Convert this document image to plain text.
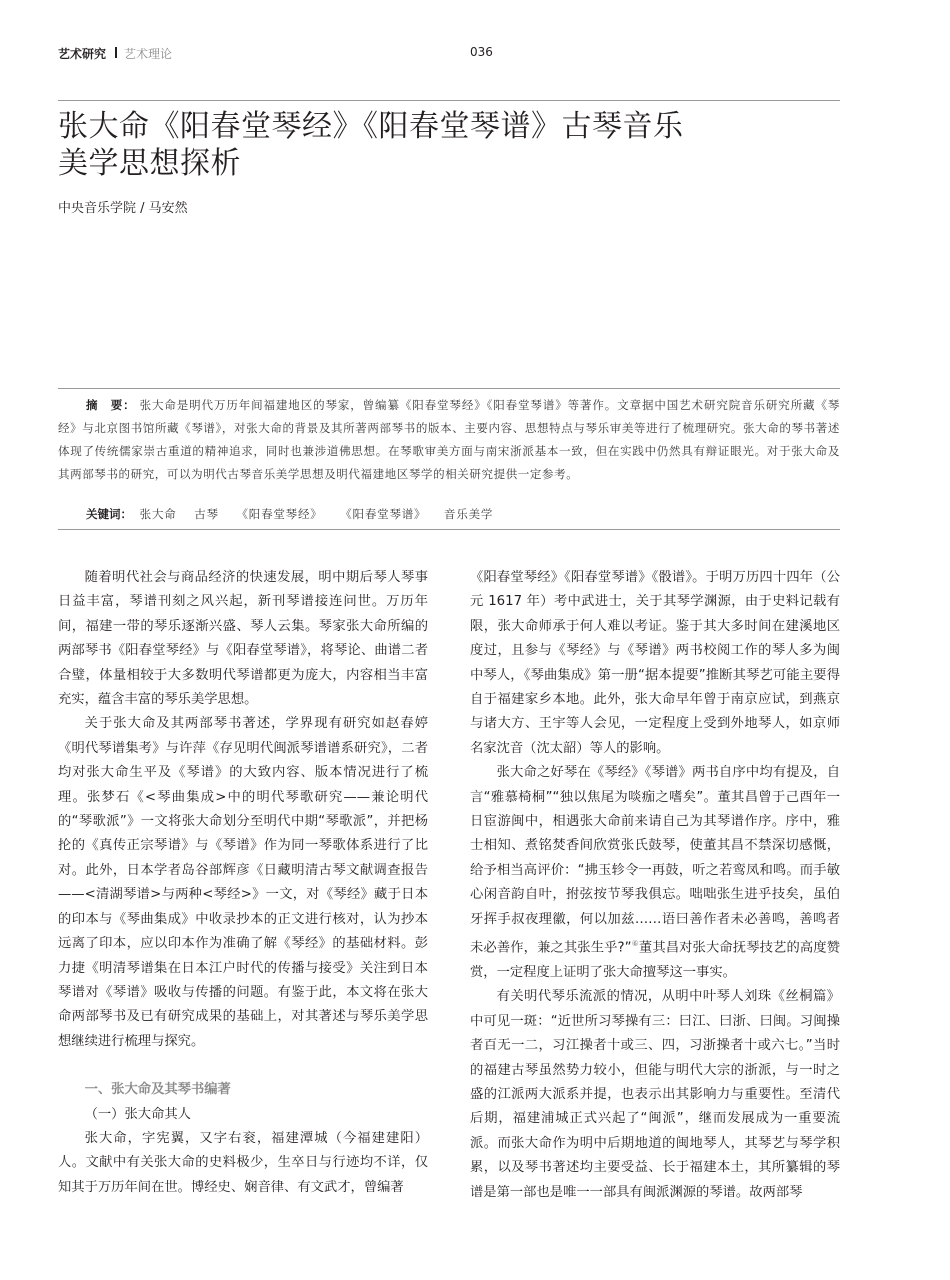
艺术研究 艺术理论	036
张大命《阳春堂琴经》《阳春堂琴谱》古琴音乐
美学思想探析
中央音乐学院 / 马安然
摘　要： 张大命是明代万历年间福建地区的琴家，曾编纂《阳春堂琴经》《阳春堂琴谱》等著作。文章据中国艺术研究院音乐研究所藏《琴经》与北京图书馆所藏《琴谱》，对张大命的背景及其所著两部琴书的版本、主要内容、思想特点与琴乐审美等进行了梳理研究。张大命的琴书著述体现了传统儒家崇古重道的精神追求，同时也兼涉道佛思想。在琴歌审美方面与南宋浙派基本一致，但在实践中仍然具有辩证眼光。对于张大命及其两部琴书的研究，可以为明代古琴音乐美学思想及明代福建地区琴学的相关研究提供一定参考。
关键词： 张大命 古琴 《阳春堂琴经》 《阳春堂琴谱》 音乐美学

随着明代社会与商品经济的快速发展，明中期后琴人琴事日益丰富，琴谱刊刻之风兴起，新刊琴谱接连问世。万历年间，福建一带的琴乐逐渐兴盛、琴人云集。琴家张大命所编的两部琴书《阳春堂琴经》与《阳春堂琴谱》，将琴论、曲谱二者合璧，体量相较于大多数明代琴谱都更为庞大，内容相当丰富充实，蕴含丰富的琴乐美学思想。

关于张大命及其两部琴书著述，学界现有研究如赵春婷《明代琴谱集考》与许萍《存见明代闽派琴谱谱系研究》，二者均对张大命生平及《琴谱》的大致内容、版本情况进行了梳理。张梦石《<琴曲集成>中的明代琴歌研究——兼论明代的“琴歌派”》一文将张大命划分至明代中期“琴歌派”，并把杨抡的《真传正宗琴谱》与《琴谱》作为同一琴歌体系进行了比对。此外，日本学者岛谷部辉彦《日藏明清古琴文献调查报告——<清湖琴谱>与两种<琴经>》一文，对《琴经》藏于日本的印本与《琴曲集成》中收录抄本的正文进行核对，认为抄本远离了印本，应以印本作为准确了解《琴经》的基础材料。彭力捷《明清琴谱集在日本江户时代的传播与接受》关注到日本琴谱对《琴谱》吸收与传播的问题。有鉴于此，本文将在张大命两部琴书及已有研究成果的基础上，对其著述与琴乐美学思想继续进行梳理与探究。

一、张大命及其琴书编著

（一）张大命其人

张大命，字宪翼，又字右衮，福建潭城（今福建建阳）人。文献中有关张大命的史料极少，生卒日与行迹均不详，仅知其于万历年间在世。博经史、娴音律、有文武才，曾编著

《阳春堂琴经》《阳春堂琴谱》《骰谱》。于明万历四十四年（公元 1617 年）考中武进士，关于其琴学渊源，由于史料记载有限，张大命师承于何人难以考证。鉴于其大多时间在建溪地区度过，且参与《琴经》与《琴谱》两书校阅工作的琴人多为闽中琴人，《琴曲集成》第一册“据本提要”推断其琴艺可能主要得自于福建家乡本地。此外，张大命早年曾于南京应试，到燕京与诸大方、王宇等人会见，一定程度上受到外地琴人，如京师名家沈音（沈太韶）等人的影响。

张大命之好琴在《琴经》《琴谱》两书自序中均有提及，自言“雅慕椅桐”“独以焦尾为啖痂之嗜矣”。董其昌曾于己酉年一日宦游闽中，相遇张大命前来请自己为其琴谱作序。序中，雅士相知、煮铭焚香间欣赏张氏鼓琴，使董其昌不禁深切感慨，给予相当高评价：“拂玉轸令一再鼓，听之若鸾凤和鸣。而手敏心闲音韵自叶，拊弦按节琴我俱忘。咄咄张生进乎技矣，虽伯牙挥手叔夜理徽，何以加兹……语曰善作者未必善鸣，善鸣者未必善作，兼之其张生乎?”⑥董其昌对张大命抚琴技艺的高度赞赏，一定程度上证明了张大命擅琴这一事实。

有关明代琴乐流派的情况，从明中叶琴人刘珠《丝桐篇》中可见一斑：“近世所习琴操有三：曰江、曰浙、曰闽。习闽操者百无一二，习江操者十或三、四，习浙操者十或六七。”当时的福建古琴虽然势力较小，但能与明代大宗的浙派，与一时之盛的江派两大派系并提，也表示出其影响力与重要性。至清代后期，福建浦城正式兴起了“闽派”，继而发展成为一重要流派。而张大命作为明中后期地道的闽地琴人，其琴艺与琴学积累，以及琴书著述均主要受益、长于福建本土，其所纂辑的琴谱是第一部也是唯一一部具有闽派渊源的琴谱。故两部琴
